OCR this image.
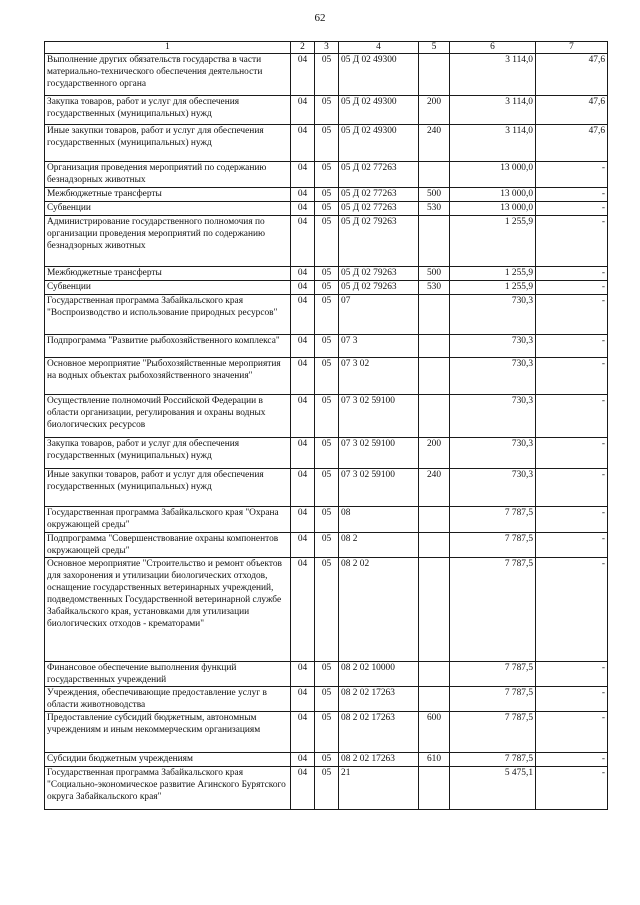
62
1	2	3	4	5	6	7
Выполнение других обязательств государства в части материально-технического обеспечения деятельности государственного органа	04	05	05 Д 02 49300		3 114,0	47,6
Закупка товаров, работ и услуг для обеспечения государственных (муниципальных) нужд	04	05	05 Д 02 49300	200	3 114,0	47,6
Иные закупки товаров, работ и услуг для обеспечения государственных (муниципальных) нужд	04	05	05 Д 02 49300	240	3 114,0	47,6
Организация проведения мероприятий по содержанию безнадзорных животных	04	05	05 Д 02 77263		13 000,0	-
Межбюджетные трансферты	04	05	05 Д 02 77263	500	13 000,0	-
Субвенции	04	05	05 Д 02 77263	530	13 000,0	-
Администрирование государственного полномочия по организации проведения мероприятий по содержанию безнадзорных животных	04	05	05 Д 02 79263		1 255,9	-
Межбюджетные трансферты	04	05	05 Д 02 79263	500	1 255,9	-
Субвенции	04	05	05 Д 02 79263	530	1 255,9	-
Государственная программа Забайкальского края "Воспроизводство и использование природных ресурсов"	04	05	07		730,3	-
Подпрограмма "Развитие рыбохозяйственного комплекса"	04	05	07 3		730,3	-
Основное мероприятие "Рыбохозяйственные мероприятия на водных объектах рыбохозяйственного значения"	04	05	07 3 02		730,3	-
Осуществление полномочий Российской Федерации в области организации, регулирования и охраны водных биологических ресурсов	04	05	07 3 02 59100		730,3	-
Закупка товаров, работ и услуг для обеспечения государственных (муниципальных) нужд	04	05	07 3 02 59100	200	730,3	-
Иные закупки товаров, работ и услуг для обеспечения государственных (муниципальных) нужд	04	05	07 3 02 59100	240	730,3	-
Государственная программа Забайкальского края "Охрана окружающей среды"	04	05	08		7 787,5	-
Подпрограмма "Совершенствование охраны компонентов окружающей среды"	04	05	08 2		7 787,5	-
Основное мероприятие "Строительство и ремонт объектов для захоронения и утилизации биологических отходов, оснащение государственных ветеринарных учреждений, подведомственных Государственной ветеринарной службе Забайкальского края, установками для утилизации биологических отходов - крематорами"	04	05	08 2 02		7 787,5	-
Финансовое обеспечение выполнения функций государственных учреждений	04	05	08 2 02 10000		7 787,5	-
Учреждения, обеспечивающие предоставление услуг в области животноводства	04	05	08 2 02 17263		7 787,5	-
Предоставление субсидий бюджетным, автономным учреждениям и иным некоммерческим организациям	04	05	08 2 02 17263	600	7 787,5	-
Субсидии бюджетным учреждениям	04	05	08 2 02 17263	610	7 787,5	-
Государственная программа Забайкальского края "Социально-экономическое развитие Агинского Бурятского округа Забайкальского края"	04	05	21		5 475,1	-
